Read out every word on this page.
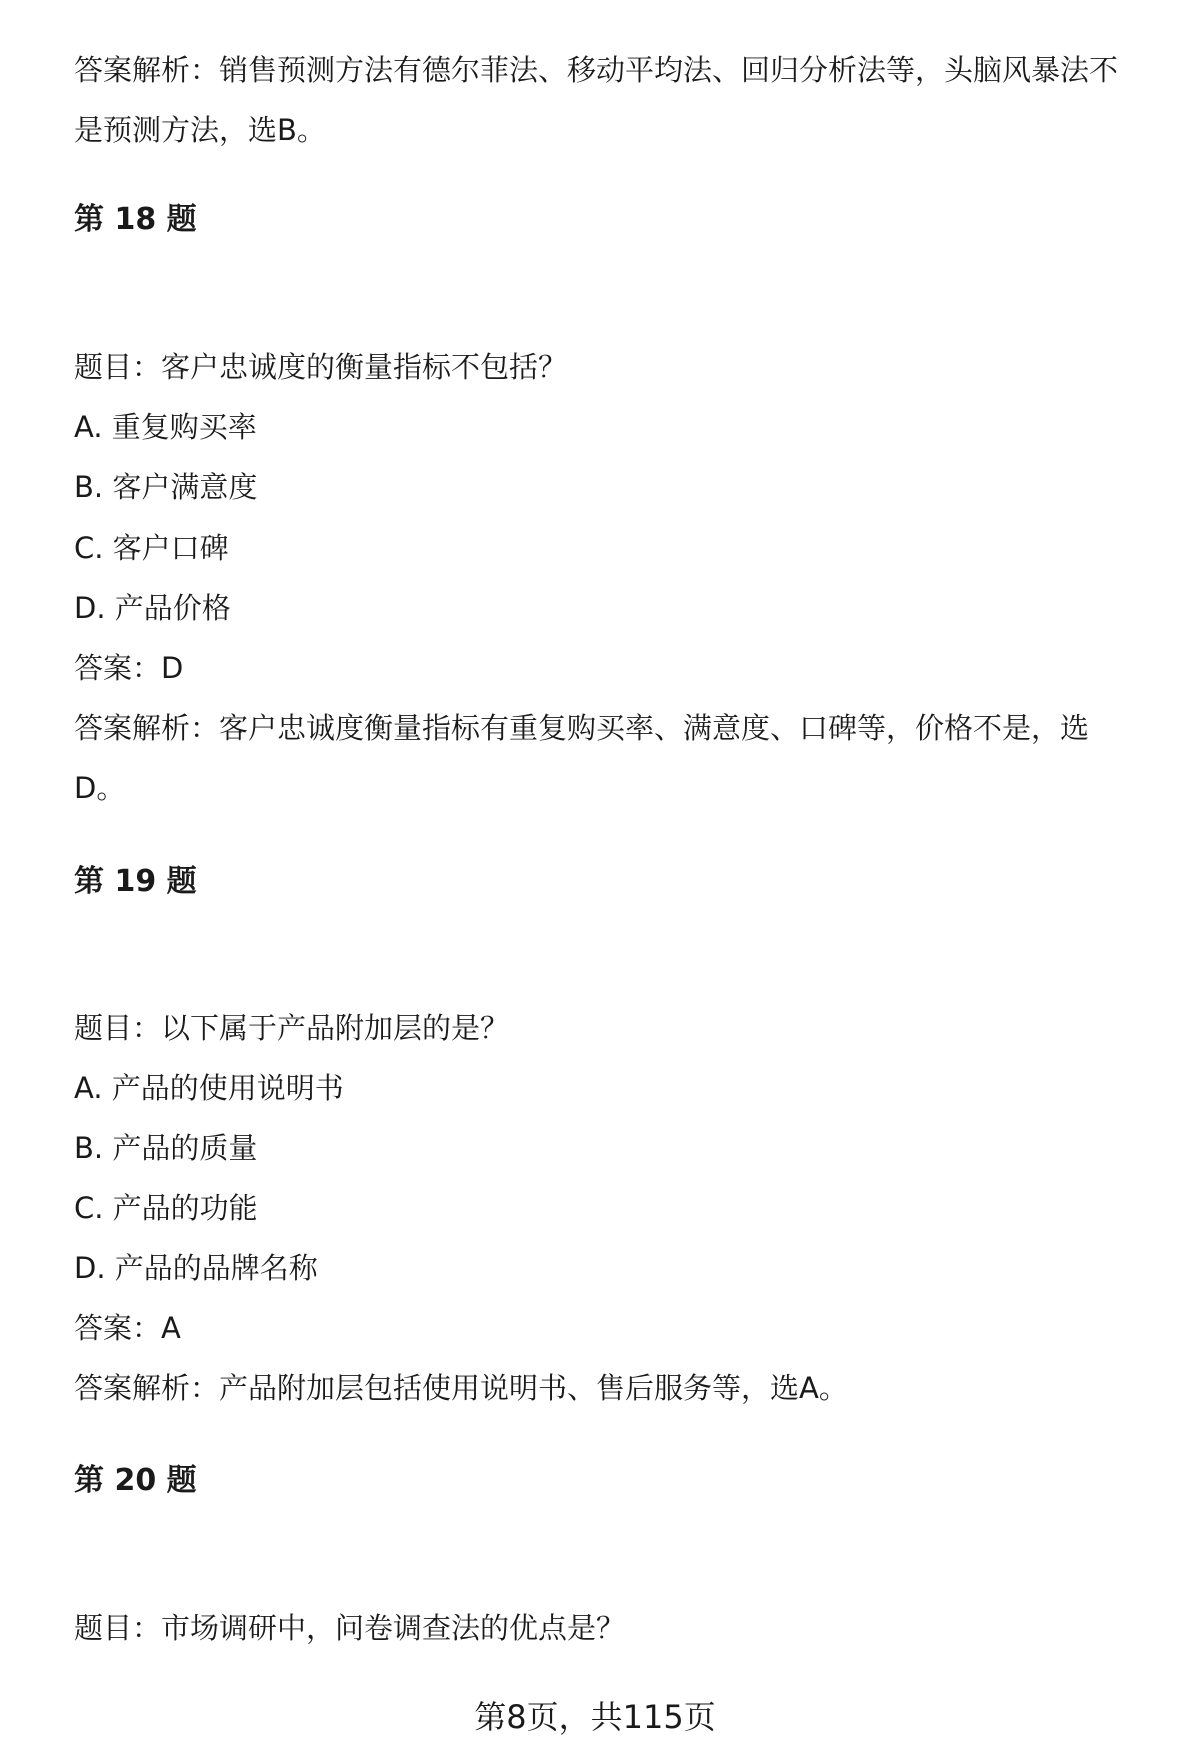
答案解析：销售预测方法有德尔菲法、移动平均法、回归分析法等，头脑风暴法不
是预测方法，选B。
第 18 题
题目：客户忠诚度的衡量指标不包括？
A. 重复购买率
B. 客户满意度
C. 客户口碑
D. 产品价格
答案：D
答案解析：客户忠诚度衡量指标有重复购买率、满意度、口碑等，价格不是，选
D。
第 19 题
题目：以下属于产品附加层的是？
A. 产品的使用说明书
B. 产品的质量
C. 产品的功能
D. 产品的品牌名称
答案：A
答案解析：产品附加层包括使用说明书、售后服务等，选A。
第 20 题
题目：市场调研中，问卷调查法的优点是？
第8页，共115页
